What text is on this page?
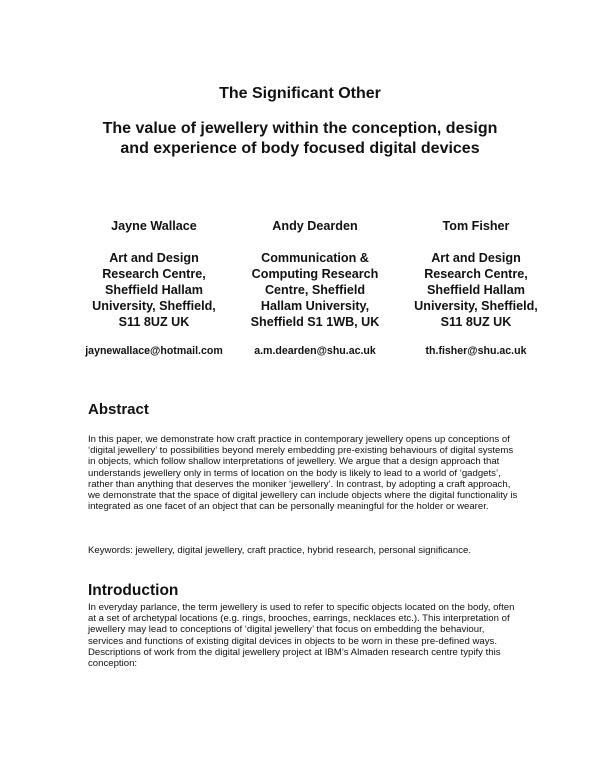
The Significant Other
The value of jewellery within the conception, design and experience of body focused digital devices
Jayne Wallace
Art and Design
Research Centre,
Sheffield Hallam
University, Sheffield,
S11 8UZ UK
jaynewallace@hotmail.com
Andy Dearden
Communication &
Computing Research
Centre, Sheffield
Hallam University,
Sheffield S1 1WB, UK
a.m.dearden@shu.ac.uk
Tom Fisher
Art and Design
Research Centre,
Sheffield Hallam
University, Sheffield,
S11 8UZ UK
th.fisher@shu.ac.uk
Abstract
In this paper, we demonstrate how craft practice in contemporary jewellery opens up conceptions of ‘digital jewellery’ to possibilities beyond merely embedding pre-existing behaviours of digital systems in objects, which follow shallow interpretations of jewellery. We argue that a design approach that understands jewellery only in terms of location on the body is likely to lead to a world of ‘gadgets’, rather than anything that deserves the moniker ‘jewellery’. In contrast, by adopting a craft approach, we demonstrate that the space of digital jewellery can include objects where the digital functionality is integrated as one facet of an object that can be personally meaningful for the holder or wearer.
Keywords: jewellery, digital jewellery, craft practice, hybrid research, personal significance.
Introduction
In everyday parlance, the term jewellery is used to refer to specific objects located on the body, often at a set of archetypal locations (e.g. rings, brooches, earrings, necklaces etc.). This interpretation of jewellery may lead to conceptions of ‘digital jewellery’ that focus on embedding the behaviour, services and functions of existing digital devices in objects to be worn in these pre-defined ways. Descriptions of work from the digital jewellery project at IBM’s Almaden research centre typify this conception:
